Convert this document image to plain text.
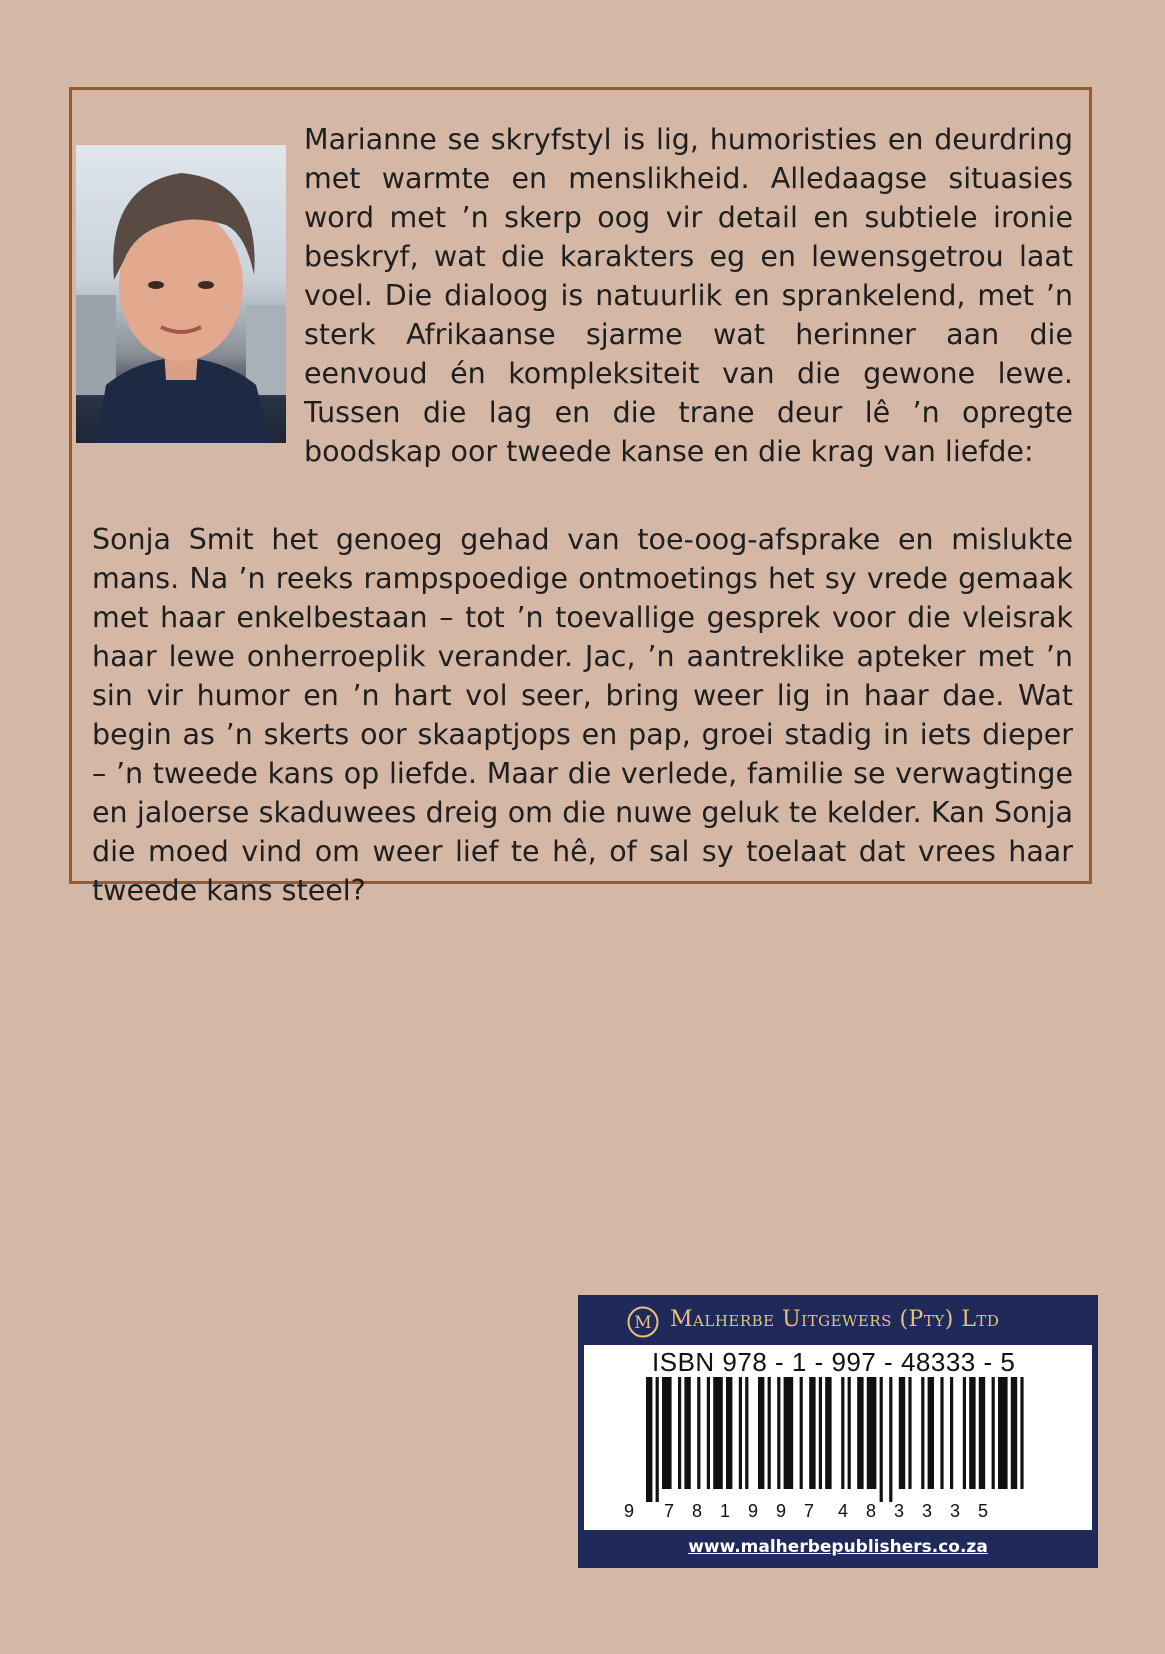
Marianne se skryfstyl is lig, humoristies en deurdring met warmte en menslikheid. Alledaagse situasies word met ’n skerp oog vir detail en subtiele ironie beskryf, wat die karakters eg en lewensgetrou laat voel. Die dialoog is natuurlik en sprankelend, met ’n sterk Afrikaanse sjarme wat herinner aan die eenvoud én kompleksiteit van die gewone lewe. Tussen die lag en die trane deur lê ’n opregte boodskap oor tweede kanse en die krag van liefde:

Sonja Smit het genoeg gehad van toe-oog-afsprake en mislukte mans. Na ’n reeks rampspoedige ontmoetings het sy vrede gemaak met haar enkelbestaan – tot ’n toevallige gesprek voor die vleisrak haar lewe onherroeplik verander. Jac, ’n aantreklike apteker met ’n sin vir humor en ’n hart vol seer, bring weer lig in haar dae. Wat begin as ’n skerts oor skaaptjops en pap, groei stadig in iets dieper – ’n tweede kans op liefde. Maar die verlede, familie se verwagtinge en jaloerse skaduwees dreig om die nuwe geluk te kelder. Kan Sonja die moed vind om weer lief te hê, of sal sy toelaat dat vrees haar tweede kans steel?

M Malherbe Uitgewers (Pty) Ltd
ISBN 978 - 1 - 997 - 48333 - 5
9 7 8 1 9 9 7 4 8 3 3 3 5
www.malherbepublishers.co.za
